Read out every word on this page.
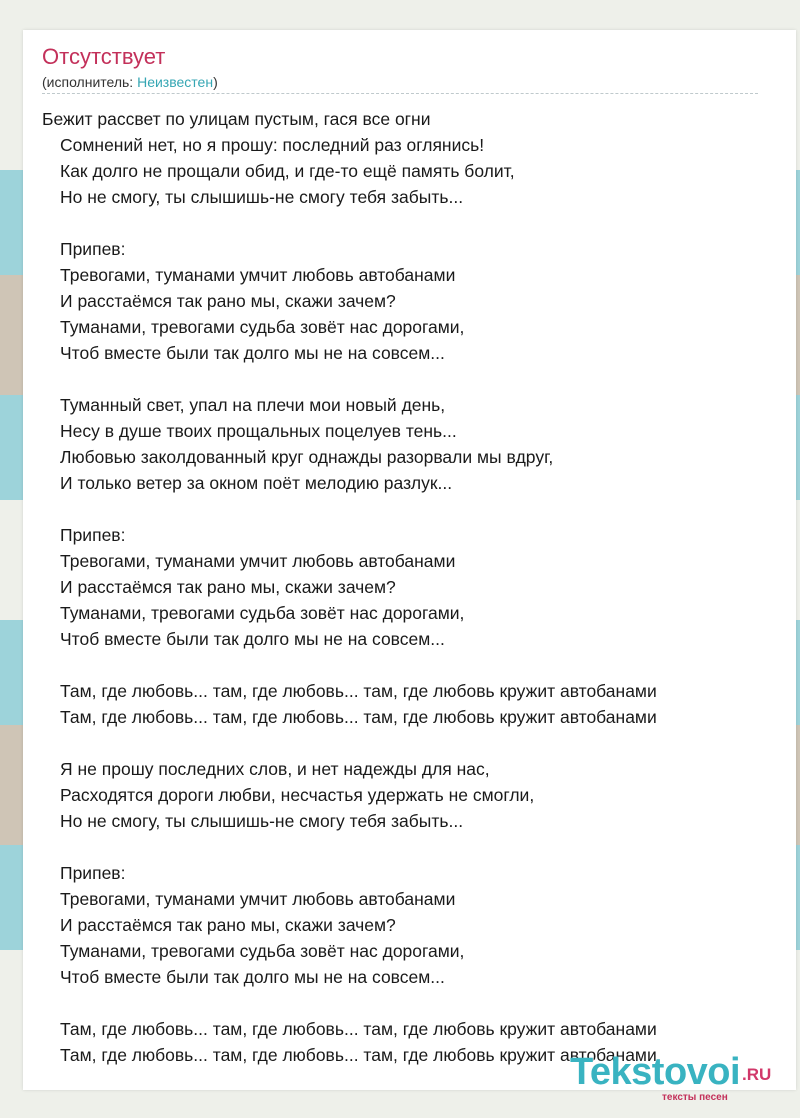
Отсутствует
(исполнитель: Неизвестен)
Бежит рассвет по улицам пустым, гася все огни
Сомнений нет, но я прошу: последний раз оглянись!
Как долго не прощали обид, и где-то ещё память болит,
Но не смогу, ты слышишь-не смогу тебя забыть...
Припев:
Тревогами, туманами умчит любовь автобанами
И расстаёмся так рано мы, скажи зачем?
Туманами, тревогами судьба зовёт нас дорогами,
Чтоб вместе были так долго мы не на совсем...
Туманный свет, упал на плечи мои новый день,
Несу в душе твоих прощальных поцелуев тень...
Любовью заколдованный круг однажды разорвали мы вдруг,
И только ветер за окном поёт мелодию разлук...
Припев:
Тревогами, туманами умчит любовь автобанами
И расстаёмся так рано мы, скажи зачем?
Туманами, тревогами судьба зовёт нас дорогами,
Чтоб вместе были так долго мы не на совсем...
Там, где любовь... там, где любовь... там, где любовь кружит автобанами
Там, где любовь... там, где любовь... там, где любовь кружит автобанами
Я не прошу последних слов, и нет надежды для нас,
Расходятся дороги любви, несчастья удержать не смогли,
Но не смогу, ты слышишь-не смогу тебя забыть...
Припев:
Тревогами, туманами умчит любовь автобанами
И расстаёмся так рано мы, скажи зачем?
Туманами, тревогами судьба зовёт нас дорогами,
Чтоб вместе были так долго мы не на совсем...
Там, где любовь... там, где любовь... там, где любовь кружит автобанами
Там, где любовь... там, где любовь... там, где любовь кружит автобанами
Tekstovoi .RU
тексты песен
